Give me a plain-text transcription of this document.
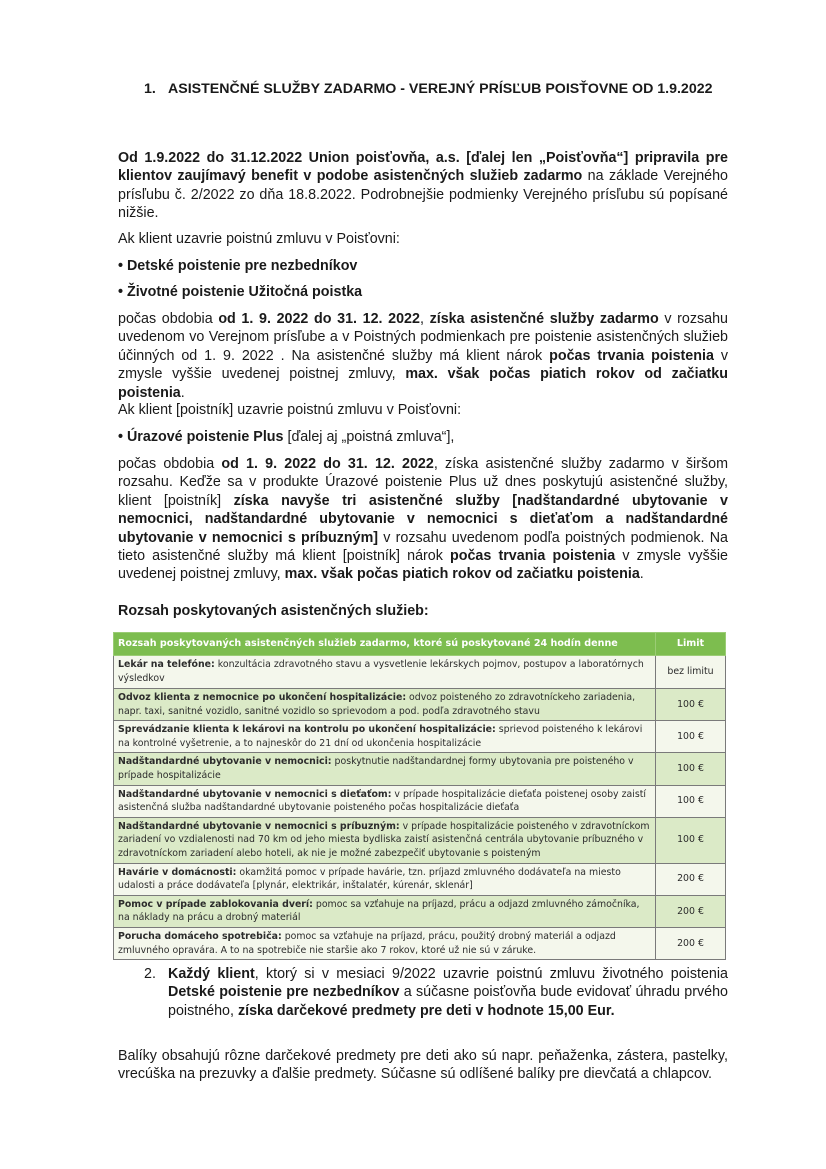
1. ASISTENČNÉ SLUŽBY ZADARMO - VEREJNÝ PRÍSĽUB POISŤOVNE OD 1.9.2022

Od 1.9.2022 do 31.12.2022 Union poisťovňa, a.s. [ďalej len „Poisťovňa“] pripravila pre klientov zaujímavý benefit v podobe asistenčných služieb zadarmo na základe Verejného prísľubu č. 2/2022 zo dňa 18.8.2022. Podrobnejšie podmienky Verejného prísľubu sú popísané nižšie.

Ak klient uzavrie poistnú zmluvu v Poisťovni:

• Detské poistenie pre nezbedníkov

• Životné poistenie Užitočná poistka

počas obdobia od 1. 9. 2022 do 31. 12. 2022, získa asistenčné služby zadarmo v rozsahu uvedenom vo Verejnom prísľube a v Poistných podmienkach pre poistenie asistenčných služieb účinných od 1. 9. 2022 . Na asistenčné služby má klient nárok počas trvania poistenia v zmysle vyššie uvedenej poistnej zmluvy, max. však počas piatich rokov od začiatku poistenia.

Ak klient [poistník] uzavrie poistnú zmluvu v Poisťovni:

• Úrazové poistenie Plus [ďalej aj „poistná zmluva“],

počas obdobia od 1. 9. 2022 do 31. 12. 2022, získa asistenčné služby zadarmo v širšom rozsahu. Keďže sa v produkte Úrazové poistenie Plus už dnes poskytujú asistenčné služby, klient [poistník] získa navyše tri asistenčné služby [nadštandardné ubytovanie v nemocnici, nadštandardné ubytovanie v nemocnici s dieťaťom a nadštandardné ubytovanie v nemocnici s príbuzným] v rozsahu uvedenom podľa poistných podmienok. Na tieto asistenčné služby má klient [poistník] nárok počas trvania poistenia v zmysle vyššie uvedenej poistnej zmluvy, max. však počas piatich rokov od začiatku poistenia.

Rozsah poskytovaných asistenčných služieb:

Rozsah poskytovaných asistenčných služieb zadarmo, ktoré sú poskytované 24 hodín denne	Limit
Lekár na telefóne: konzultácia zdravotného stavu a vysvetlenie lekárskych pojmov, postupov a laboratórnych výsledkov	bez limitu
Odvoz klienta z nemocnice po ukončení hospitalizácie: odvoz poisteného zo zdravotníckeho zariadenia, napr. taxi, sanitné vozidlo, sanitné vozidlo so sprievodom a pod. podľa zdravotného stavu	100 €
Sprevádzanie klienta k lekárovi na kontrolu po ukončení hospitalizácie: sprievod poisteného k lekárovi na kontrolné vyšetrenie, a to najneskôr do 21 dní od ukončenia hospitalizácie	100 €
Nadštandardné ubytovanie v nemocnici: poskytnutie nadštandardnej formy ubytovania pre poisteného v prípade hospitalizácie	100 €
Nadštandardné ubytovanie v nemocnici s dieťaťom: v prípade hospitalizácie dieťaťa poistenej osoby zaistí asistenčná služba nadštandardné ubytovanie poisteného počas hospitalizácie dieťaťa	100 €
Nadštandardné ubytovanie v nemocnici s príbuzným: v prípade hospitalizácie poisteného v zdravotníckom zariadení vo vzdialenosti nad 70 km od jeho miesta bydliska zaistí asistenčná centrála ubytovanie príbuzného v zdravotníckom zariadení alebo hoteli, ak nie je možné zabezpečiť ubytovanie s poisteným	100 €
Havárie v domácnosti: okamžitá pomoc v prípade havárie, tzn. príjazd zmluvného dodávateľa na miesto udalosti a práce dodávateľa [plynár, elektrikár, inštalatér, kúrenár, sklenár]	200 €
Pomoc v prípade zablokovania dverí: pomoc sa vzťahuje na príjazd, prácu a odjazd zmluvného zámočníka, na náklady na prácu a drobný materiál	200 €
Porucha domáceho spotrebiča: pomoc sa vzťahuje na príjazd, prácu, použitý drobný materiál a odjazd zmluvného opravára. A to na spotrebiče nie staršie ako 7 rokov, ktoré už nie sú v záruke.	200 €
2. Každý klient, ktorý si v mesiaci 9/2022 uzavrie poistnú zmluvu životného poistenia Detské poistenie pre nezbedníkov a súčasne poisťovňa bude evidovať úhradu prvého poistného, získa darčekové predmety pre deti v hodnote 15,00 Eur.

Balíky obsahujú rôzne darčekové predmety pre deti ako sú napr. peňaženka, zástera, pastelky, vrecúška na prezuvky a ďalšie predmety. Súčasne sú odlíšené balíky pre dievčatá a chlapcov.
